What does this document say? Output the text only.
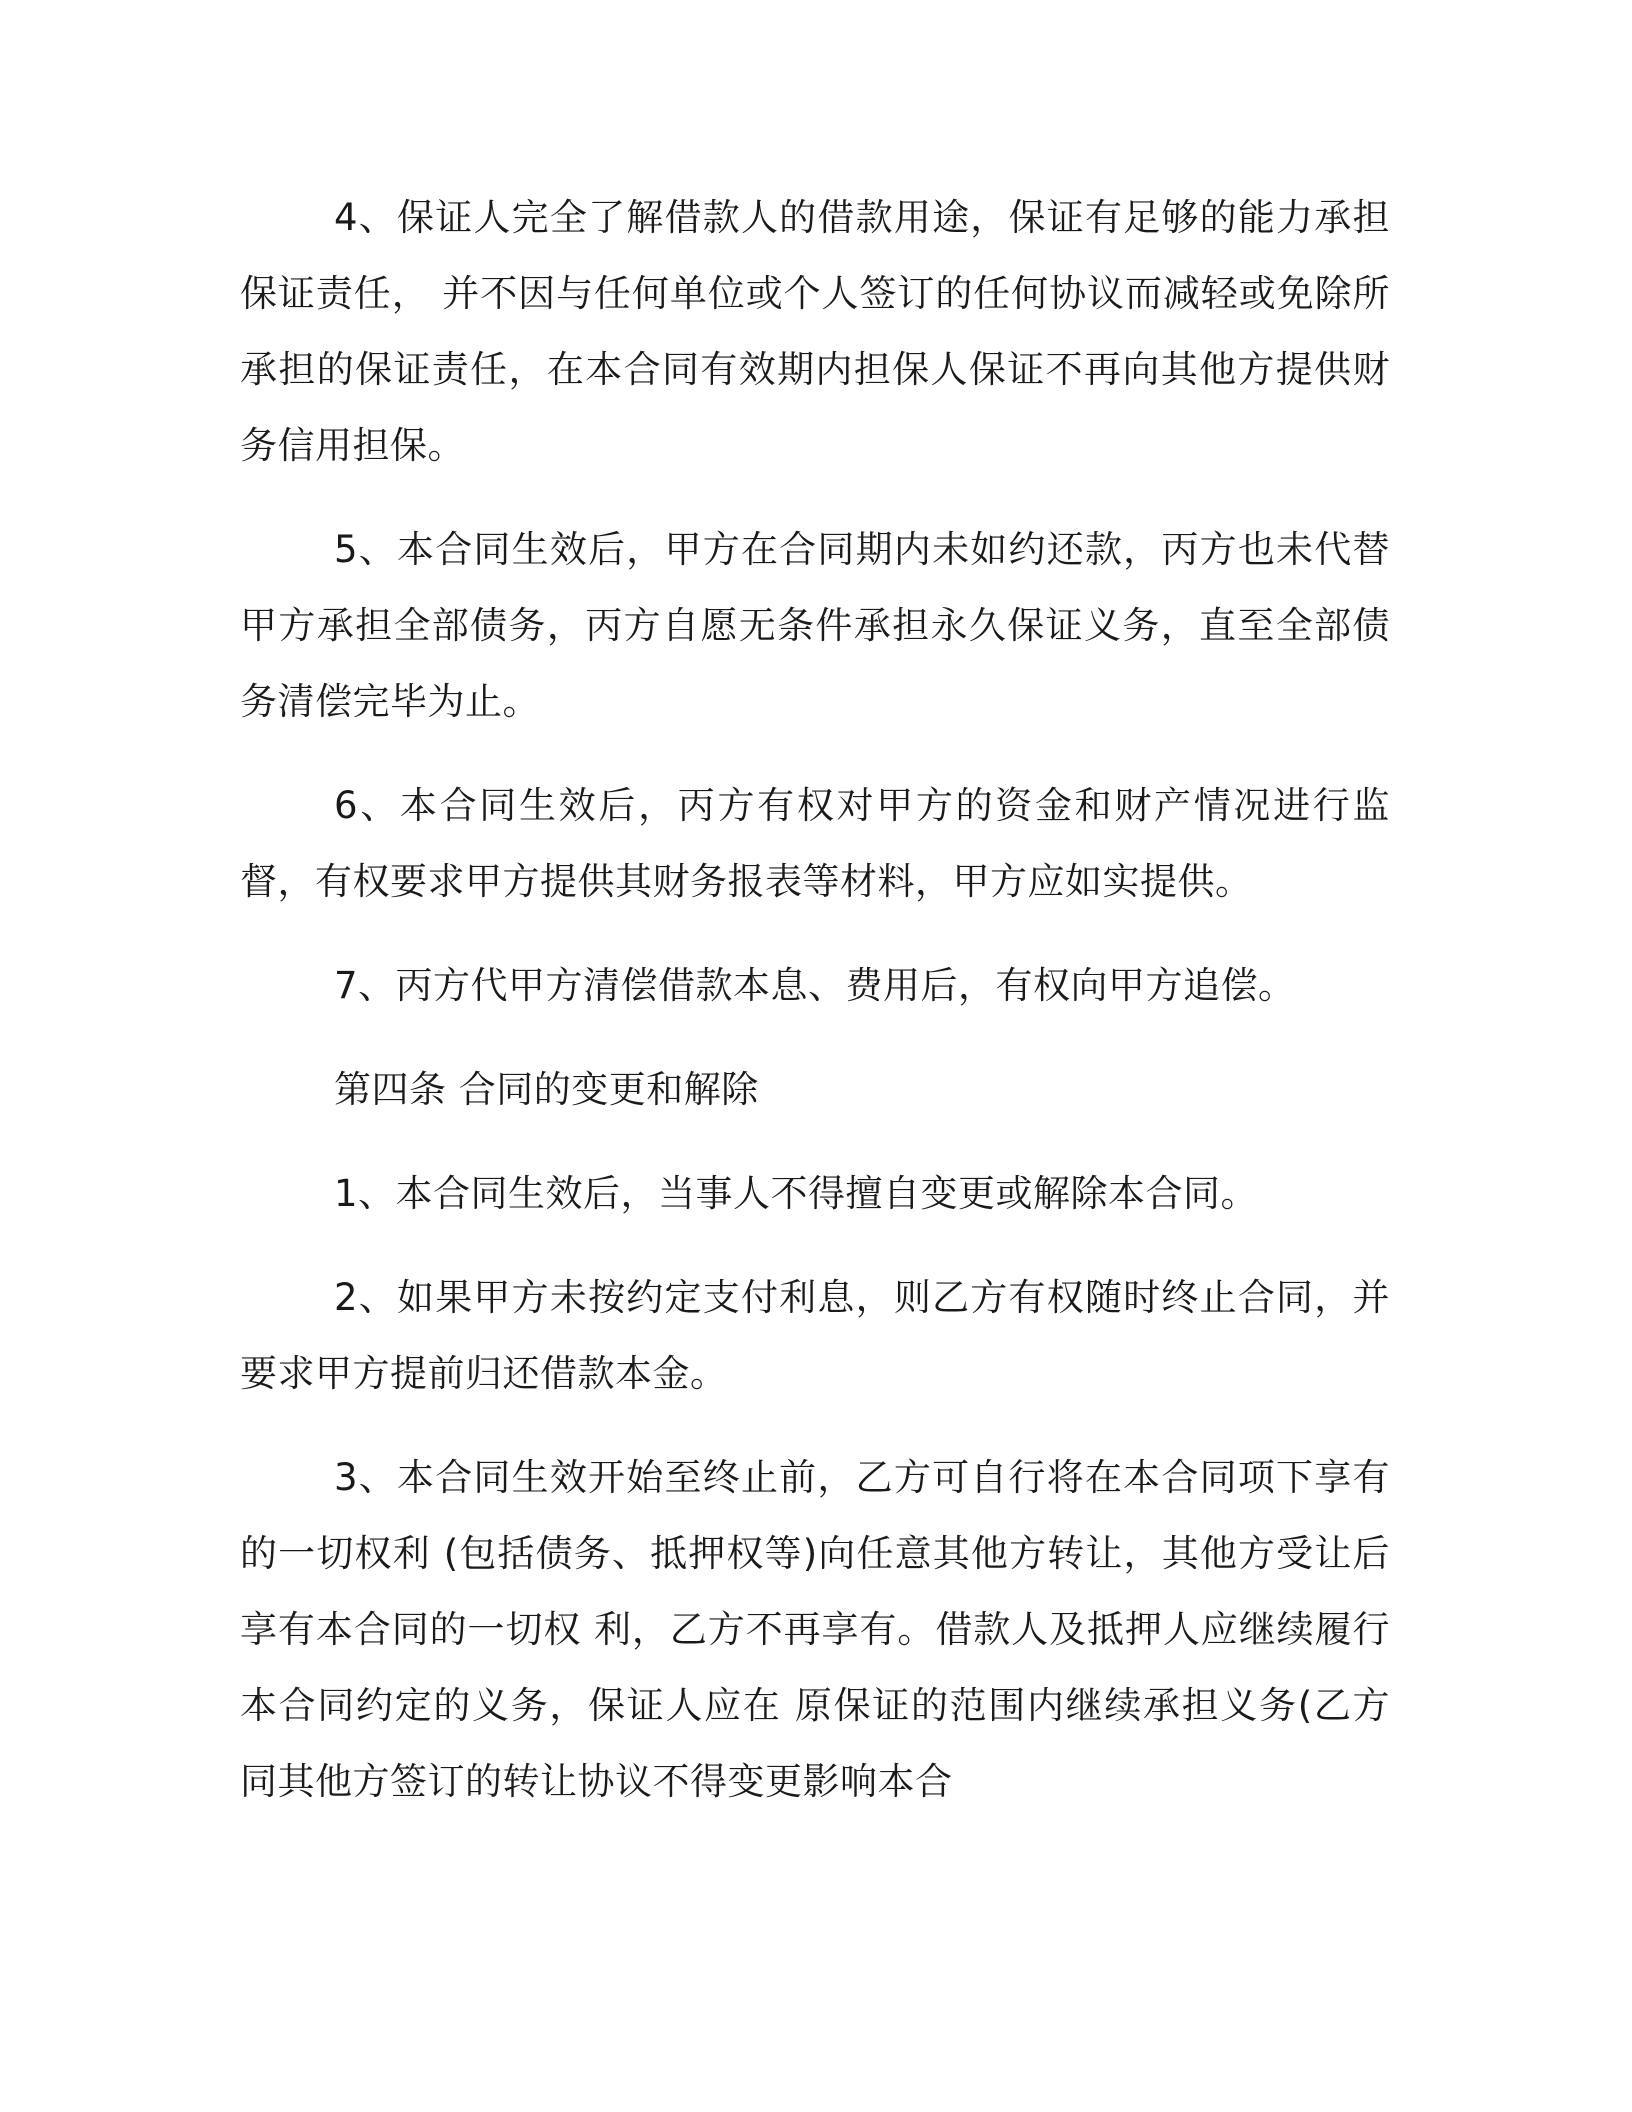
4、保证人完全了解借款人的借款用途，保证有足够的能力承担保证责任， 并不因与任何单位或个人签订的任何协议而减轻或免除所承担的保证责任，在本合同有效期内担保人保证不再向其他方提供财务信用担保。

5、本合同生效后，甲方在合同期内未如约还款，丙方也未代替甲方承担全部债务，丙方自愿无条件承担永久保证义务，直至全部债务清偿完毕为止。

6、本合同生效后，丙方有权对甲方的资金和财产情况进行监督，有权要求甲方提供其财务报表等材料，甲方应如实提供。

7、丙方代甲方清偿借款本息、费用后，有权向甲方追偿。

第四条 合同的变更和解除

1、本合同生效后，当事人不得擅自变更或解除本合同。

2、如果甲方未按约定支付利息，则乙方有权随时终止合同，并要求甲方提前归还借款本金。

3、本合同生效开始至终止前，乙方可自行将在本合同项下享有的一切权利 (包括债务、抵押权等)向任意其他方转让，其他方受让后享有本合同的一切权 利，乙方不再享有。借款人及抵押人应继续履行本合同约定的义务，保证人应在 原保证的范围内继续承担义务(乙方同其他方签订的转让协议不得变更影响本合
